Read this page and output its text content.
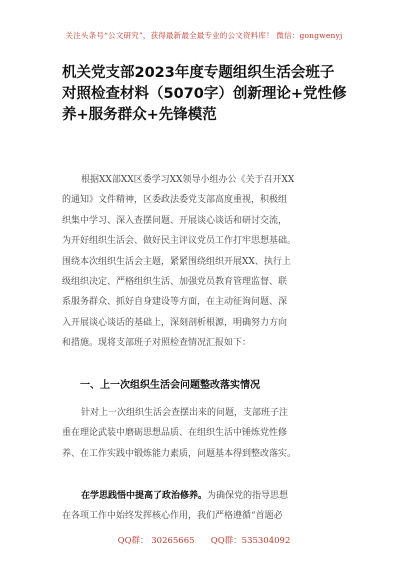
关注头条号“公文研究”，获得最新最全最专业的公文资料库！ 微信：gongwenyj
机关党支部2023年度专题组织生活会班子
对照检查材料（5070字）创新理论+党性修
养+服务群众+先锋模范
根据XX部XX区委学习XX领导小组办公《关于召开XX
的通知》文件精神，区委政法委党支部高度重视，积极组
织集中学习、深入查摆问题、开展谈心谈话和研讨交流，
为开好组织生活会、做好民主评议党员工作打牢思想基础。
围绕本次组织生活会主题，紧紧围绕组织开展XX、执行上
级组织决定、严格组织生活、加强党员教育管理监督、联
系服务群众、抓好自身建设等方面，在主动征询问题、深
入开展谈心谈话的基础上，深刻剖析根源，明确努力方向
和措施。现将支部班子对照检查情况汇报如下：
一、上一次组织生活会问题整改落实情况
针对上一次组织生活会查摆出来的问题，支部班子注
重在理论武装中磨砺思想品质、在组织生活中锤炼党性修
养、在工作实践中锻炼能力素质，问题基本得到整改落实。
在学思践悟中提高了政治修养。为确保党的指导思想
在各项工作中始终发挥核心作用，我们严格遵循“首题必
QQ群： 30265665      QQ群：535304092
